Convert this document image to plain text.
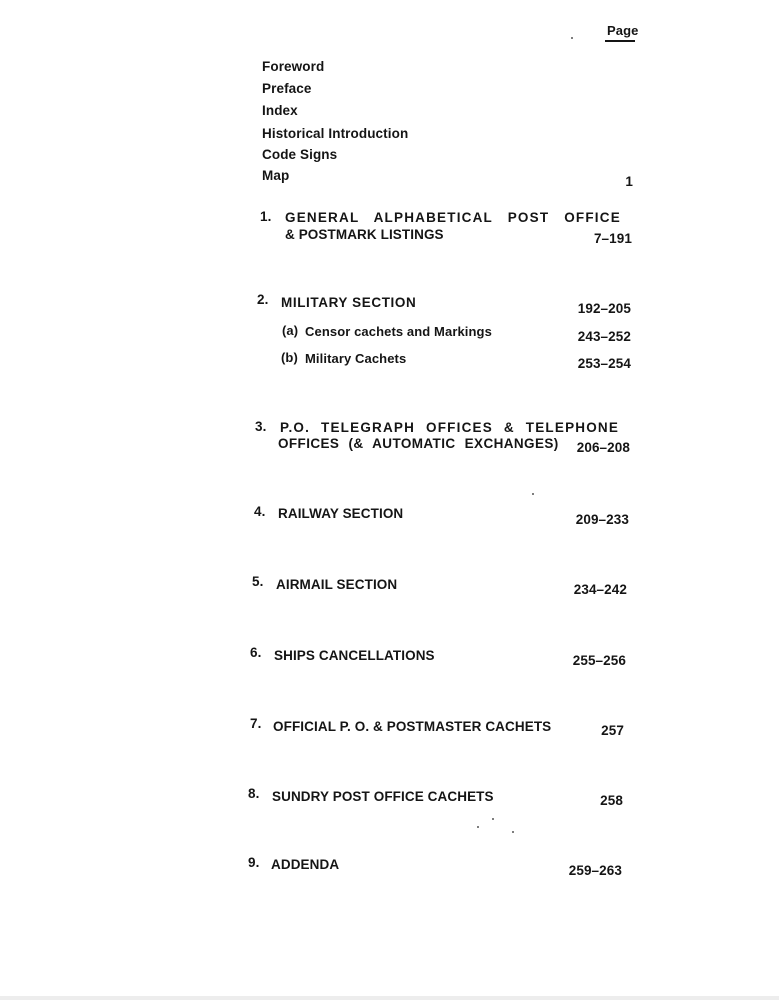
Page
Foreword
Preface
Index
Historical Introduction
Code Signs
Map	1
1.	GENERAL ALPHABETICAL POST OFFICE
& POSTMARK LISTINGS	7–191
2. MILITARY SECTION	192–205
(a) Censor cachets and Markings	243–252
(b) Military Cachets	253–254
3.	P.O. TELEGRAPH OFFICES & TELEPHONE
OFFICES (& AUTOMATIC EXCHANGES)	206–208
4. RAILWAY SECTION	209–233
5. AIRMAIL SECTION	234–242
6. SHIPS CANCELLATIONS	255–256
7. OFFICIAL P. O. & POSTMASTER CACHETS	257
8. SUNDRY POST OFFICE CACHETS	258
9. ADDENDA	259–263
